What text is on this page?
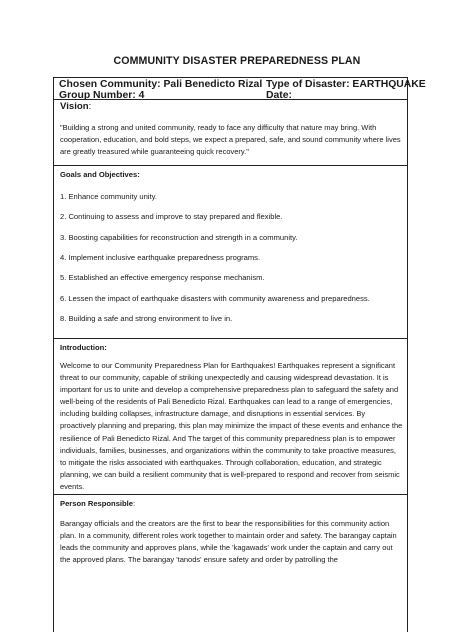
COMMUNITY DISASTER PREPAREDNESS PLAN
Chosen Community: Pali Benedicto Rizal
Group Number: 4
Type of Disaster: EARTHQUAKE
Date:
Vision:
"Building a strong and united community, ready to face any difficulty that nature may bring. With cooperation, education, and bold steps, we expect a prepared, safe, and sound community where lives are greatly treasured while guaranteeing quick recovery."
Goals and Objectives:
1. Enhance community unity.
2. Continuing to assess and improve to stay prepared and flexible.
3. Boosting capabilities for reconstruction and strength in a community.
4. Implement inclusive earthquake preparedness programs.
5. Established an effective emergency response mechanism.
6. Lessen the impact of earthquake disasters with community awareness and preparedness.
8. Building a safe and strong environment to live in.
Introduction:
Welcome to our Community Preparedness Plan for Earthquakes! Earthquakes represent a significant threat to our community, capable of striking unexpectedly and causing widespread devastation. It is important for us to unite and develop a comprehensive preparedness plan to safeguard the safety and well-being of the residents of Pali Benedicto Rizal. Earthquakes can lead to a range of emergencies, including building collapses, infrastructure damage, and disruptions in essential services. By proactively planning and preparing, this plan may minimize the impact of these events and enhance the resilience of Pali Benedicto Rizal. And The target of this community preparedness plan is to empower individuals, families, businesses, and organizations within the community to take proactive measures, to mitigate the risks associated with earthquakes. Through collaboration, education, and strategic planning, we can build a resilient community that is well-prepared to respond and recover from seismic events.
Person Responsible:
Barangay officials and the creators are the first to bear the responsibilities for this community action plan. In a community, different roles work together to maintain order and safety. The barangay captain leads the community and approves plans, while the 'kagawads' work under the captain and carry out the approved plans. The barangay 'tanods' ensure safety and order by patrolling the
